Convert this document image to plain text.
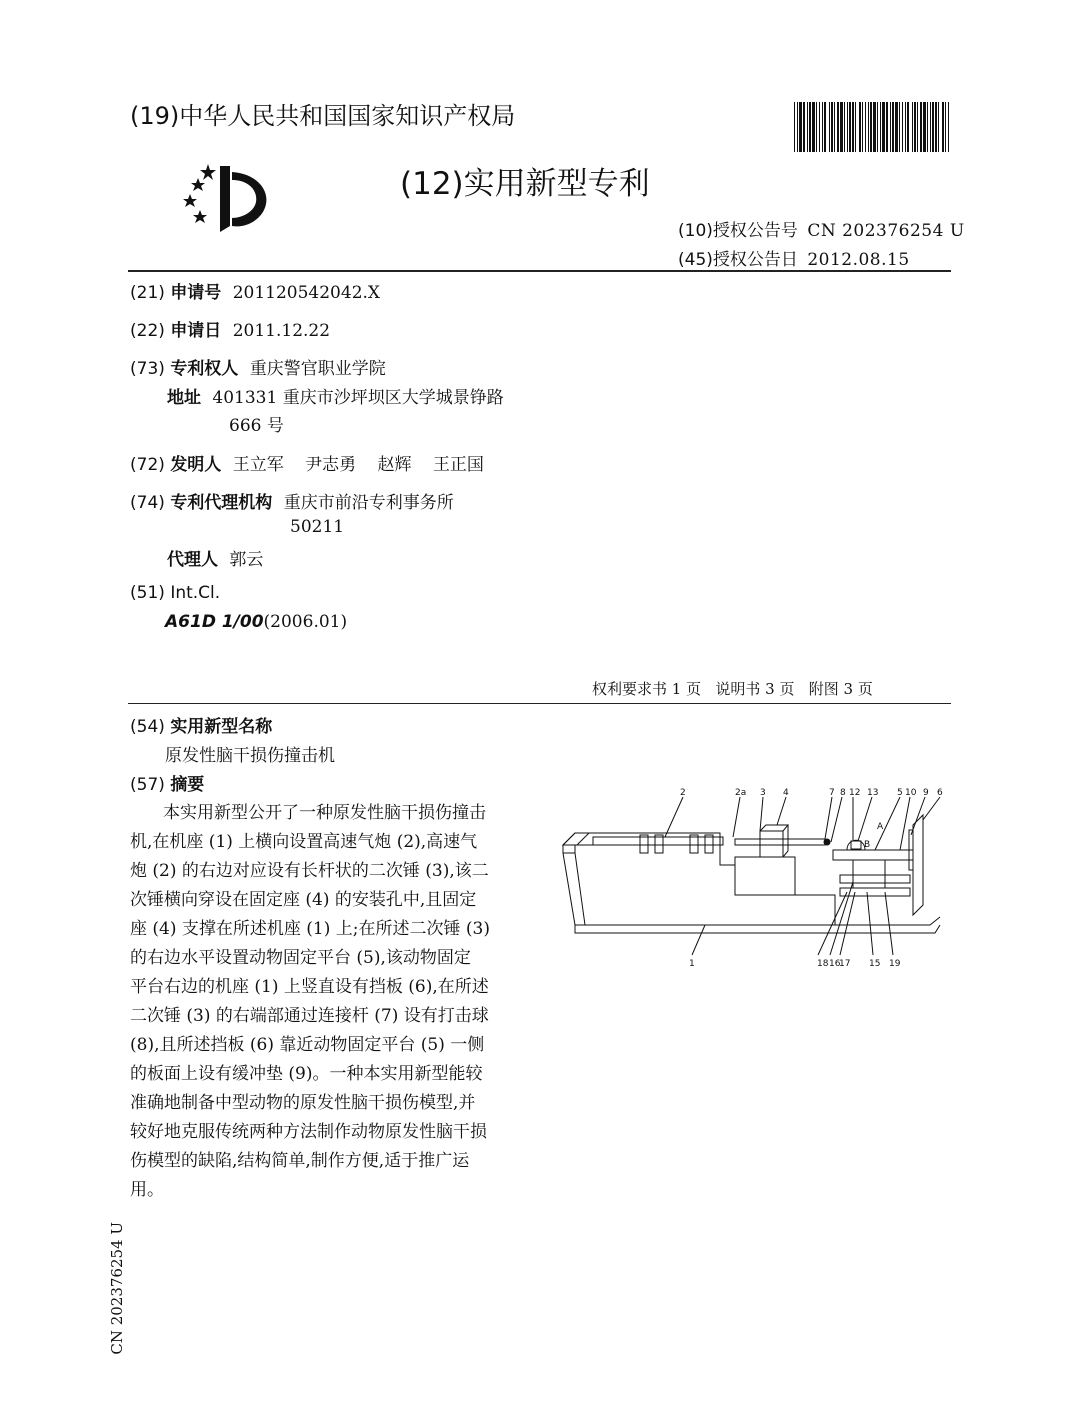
(19)中华人民共和国国家知识产权局
(12)实用新型专利
(10)授权公告号 CN 202376254 U
(45)授权公告日 2012.08.15
(21) 申请号 201120542042.X
(22) 申请日 2011.12.22
(73) 专利权人 重庆警官职业学院
地址 401331 重庆市沙坪坝区大学城景铮路
666 号
(72) 发明人 王立军 尹志勇 赵辉 王正国
(74) 专利代理机构 重庆市前沿专利事务所
50211
代理人 郭云
(51) Int.Cl.
A61D 1/00(2006.01)
权利要求书 1 页   说明书 3 页   附图 3 页
(54) 实用新型名称
原发性脑干损伤撞击机
(57) 摘要
本实用新型公开了一种原发性脑干损伤撞击
机,在机座 (1) 上横向设置高速气炮 (2),高速气
炮 (2) 的右边对应设有长杆状的二次锤 (3),该二
次锤横向穿设在固定座 (4) 的安装孔中,且固定
座 (4) 支撑在所述机座 (1) 上;在所述二次锤 (3)
的右边水平设置动物固定平台 (5),该动物固定
平台右边的机座 (1) 上竖直设有挡板 (6),在所述
二次锤 (3) 的右端部通过连接杆 (7) 设有打击球
(8),且所述挡板 (6) 靠近动物固定平台 (5) 一侧
的板面上设有缓冲垫 (9)。一种本实用新型能较
准确地制备中型动物的原发性脑干损伤模型,并
较好地克服传统两种方法制作动物原发性脑干损
伤模型的缺陷,结构简单,制作方便,适于推广运
用。
2	2a 3 4	7 8 12 13 5 10 9 6
1	18 16
17 15 19
A
B
CN 202376254 U
